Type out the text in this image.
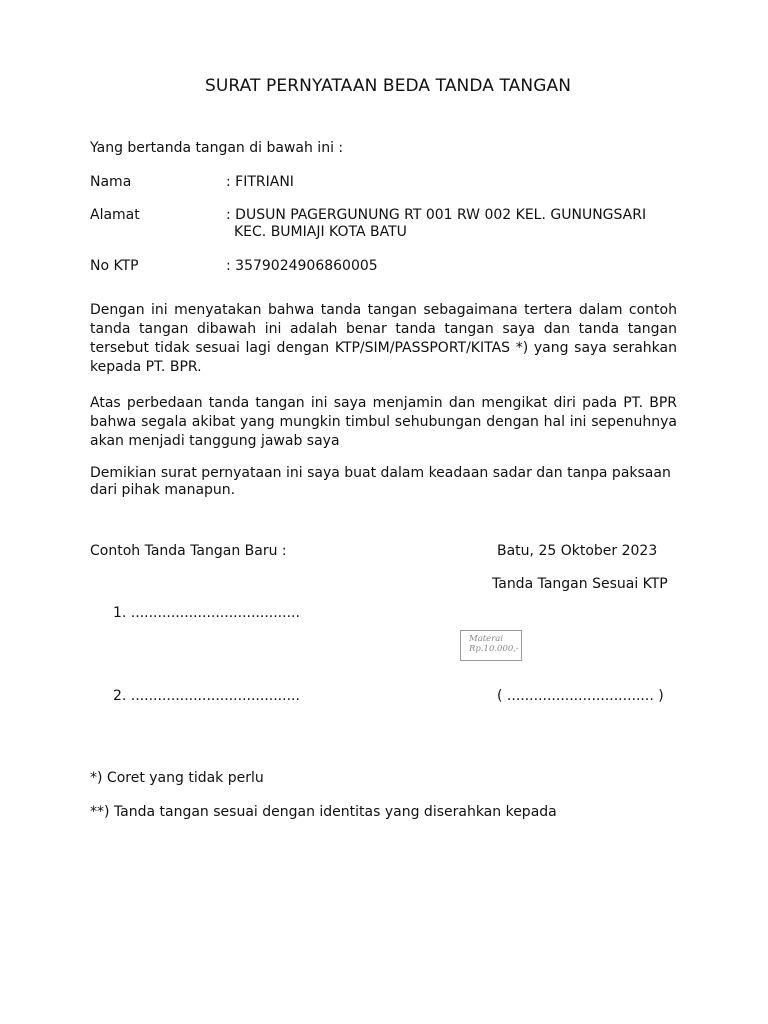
SURAT PERNYATAAN BEDA TANDA TANGAN
Yang bertanda tangan di bawah ini :
Nama	: FITRIANI
Alamat	: DUSUN PAGERGUNUNG RT 001 RW 002 KEL. GUNUNGSARI
KEC. BUMIAJI KOTA BATU
No KTP	: 3579024906860005
Dengan ini menyatakan bahwa tanda tangan sebagaimana tertera dalam contoh tanda tangan dibawah ini adalah benar tanda tangan saya dan tanda tangan tersebut tidak sesuai lagi dengan KTP/SIM/PASSPORT/KITAS *) yang saya serahkan kepada PT. BPR.
Atas perbedaan tanda tangan ini saya menjamin dan mengikat diri pada PT. BPR bahwa segala akibat yang mungkin timbul sehubungan dengan hal ini sepenuhnya akan menjadi tanggung jawab saya
Demikian surat pernyataan ini saya buat dalam keadaan sadar dan tanpa paksaan dari pihak manapun.
Contoh Tanda Tangan Baru :	Batu, 25 Oktober 2023
Tanda Tangan Sesuai KTP
1. ......................................
Materai
Rp.10.000,-
2. ......................................	( ................................. )
*) Coret yang tidak perlu
**) Tanda tangan sesuai dengan identitas yang diserahkan kepada
